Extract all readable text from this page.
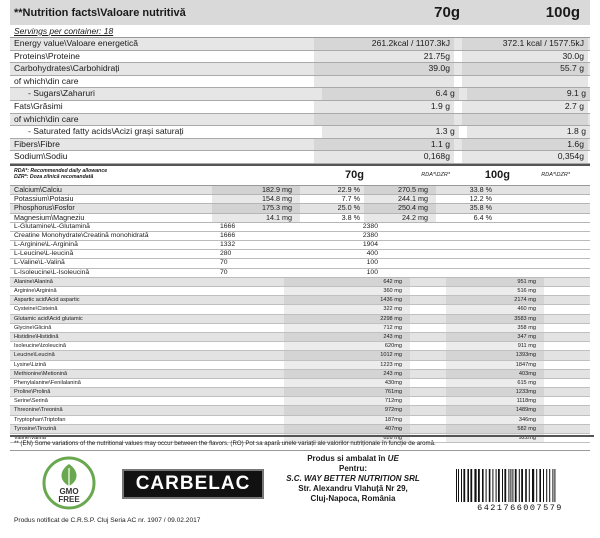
**Nutrition facts\Valoare nutritivă	70g	100g
Servings per container: 18
Energy value\Valoare energetică	261.2kcal / 1107.3kJ	372.1 kcal / 1577.5kJ
Proteins\Proteine	21.75g	30.0g
Carbohydrates\Carbohidrați	39.0g	55.7 g
of which\din care
- Sugars\Zaharuri	6.4 g	9.1 g
Fats\Grăsimi	1.9 g	2.7 g
of which\din care
- Saturated fatty acids\Acizi grași saturați	1.3 g	1.8 g
Fibers\Fibre	1.1 g	1.6g
Sodium\Sodiu	0,168g	0,354g
RDA*: Recommended daily allowance
DZR*: Doza zilnică recomandată	70g	RDA*\DZR*	100g	RDA*\DZR*
Calcium\Calciu	182.9 mg	22.9 %	270.5 mg	33.8 %
Potassium\Potasiu	154.8 mg	7.7 %	244.1 mg	12.2 %
Phosphorus\Fosfor	175.3 mg	25.0 %	250.4 mg	35.8 %
Magnesium\Magneziu	14.1 mg	3.8 %	24.2 mg	6.4 %
L-Glutamine\L-Glutamină	1666	2380
Creatine Monohydrate\Creatină monohidrată	1666	2380
L-Arginine\L-Arginină	1332	1904
L-Leucine\L-leucină	280	400
L-Valine\L-Valină	70	100
L-Isoleucine\L-Isoleucină	70	100
Alanine\Alanină	642 mg	951 mg
Arginine\Arginină	360 mg	516 mg
Aspartic acid\Acid aspartic	1436 mg	2174 mg
Cysteine\Cisteină	322 mg	460 mg
Glutamic acid\Acid glutamic	2298 mg	3583 mg
Glycine\Glicină	712 mg	358 mg
Histidine\Histidină	243 mg	347 mg
Isoleucine\Izoleucină	620mg	911 mg
Leucine\Leucină	1012 mg	1393mg
Lysine\Lizină	1223 mg	1847mg
Methionine\Metionină	243 mg	403mg
Phenylalanine\Fenilalanină	430mg	615 mg
Proline\Prolină	761mg	1233mg
Serine\Serină	712mg	1118mg
Threonine\Treonină	972mg	1489mg
Tryptophan\Triptofan	187mg	346mg
Tyrosine\Tirozină	407mg	582 mg
Valine\Valină	626 mg	922mg
** (EN) Some variations of the nutritional values may occur between the flavors. (RO) Pot sa apară unele variații ale valorilor nutriționale în funcție de aromă.
GMO
FREE
CARBELAC
Produs si ambalat în UE
Pentru:
S.C. WAY BETTER NUTRITION SRL
Str. Alexandru Vlahuță Nr 29,
Cluj-Napoca, România
6421766007579
Produs notificat de C.R.S.P. Cluj Seria AC nr. 1907 / 09.02.2017
